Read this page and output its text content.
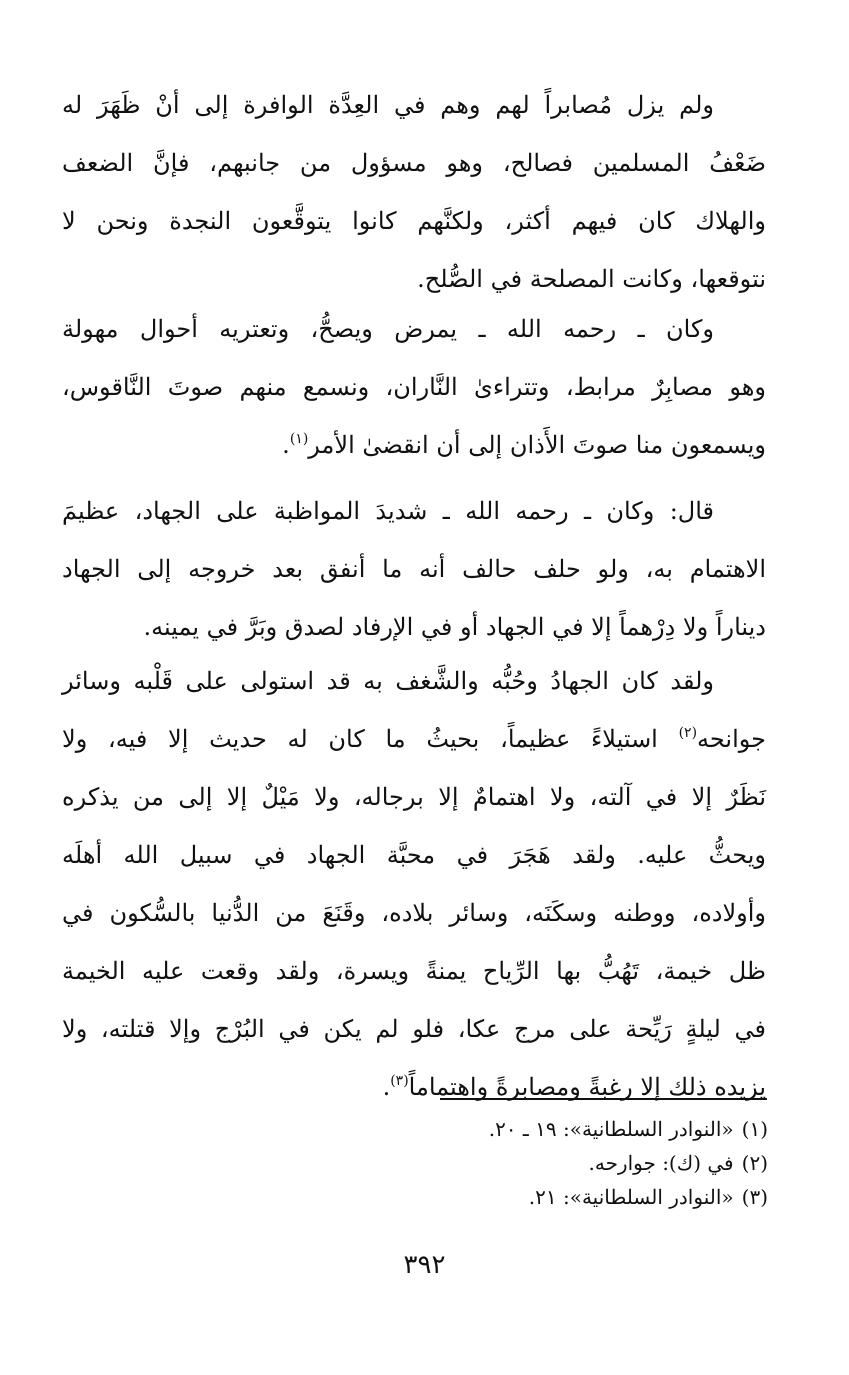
ولم يزل مُصابراً لهم وهم في العِدَّة الوافرة إلى أنْ ظَهَرَ له
ضَعْفُ المسلمين فصالح، وهو مسؤول من جانبهم، فإنَّ الضعف
والهلاك كان فيهم أكثر، ولكنَّهم كانوا يتوقَّعون النجدة ونحن لا
نتوقعها، وكانت المصلحة في الصُّلح.
وكان ـ رحمه الله ـ يمرض ويصحُّ، وتعتريه أحوال مهولة
وهو مصابِرٌ مرابط، وتتراءىٰ النَّاران، ونسمع منهم صوتَ النَّاقوس،
ويسمعون منا صوتَ الأَذان إلى أن انقضىٰ الأمر$^{(١)}$.
قال: وكان ـ رحمه الله ـ شديدَ المواظبة على الجهاد، عظيمَ
الاهتمام به، ولو حلف حالف أنه ما أنفق بعد خروجه إلى الجهاد
ديناراً ولا دِرْهماً إلا في الجهاد أو في الإرفاد لصدق وبَرَّ في يمينه.
ولقد كان الجهادُ وحُبُّه والشَّغف به قد استولى على قَلْبه وسائر
جوانحه$^{(٢)}$ استيلاءً عظيماً، بحيثُ ما كان له حديث إلا فيه، ولا
نَظَرٌ إلا في آلته، ولا اهتمامٌ إلا برجاله، ولا مَيْلٌ إلا إلى من يذكره
ويحثُّ عليه. ولقد هَجَرَ في محبَّة الجهاد في سبيل الله أهلَه
وأولاده، ووطنه وسكَنَه، وسائر بلاده، وقَنَعَ من الدُّنيا بالسُّكون في
ظل خيمة، تَهُبُّ بها الرِّياح يمنةً ويسرة، ولقد وقعت عليه الخيمة
في ليلةٍ رَيِّحة على مرج عكا، فلو لم يكن في البُرْج وإلا قتلته، ولا
يزيده ذلك إلا رغبةً ومصابرةً واهتماماً$^{(٣)}$.
(١)«النوادر السلطانية»: ١٩ ـ ٢٠.
(٢)في (ك): جوارحه.
(٣)«النوادر السلطانية»: ٢١.
٣٩٢
